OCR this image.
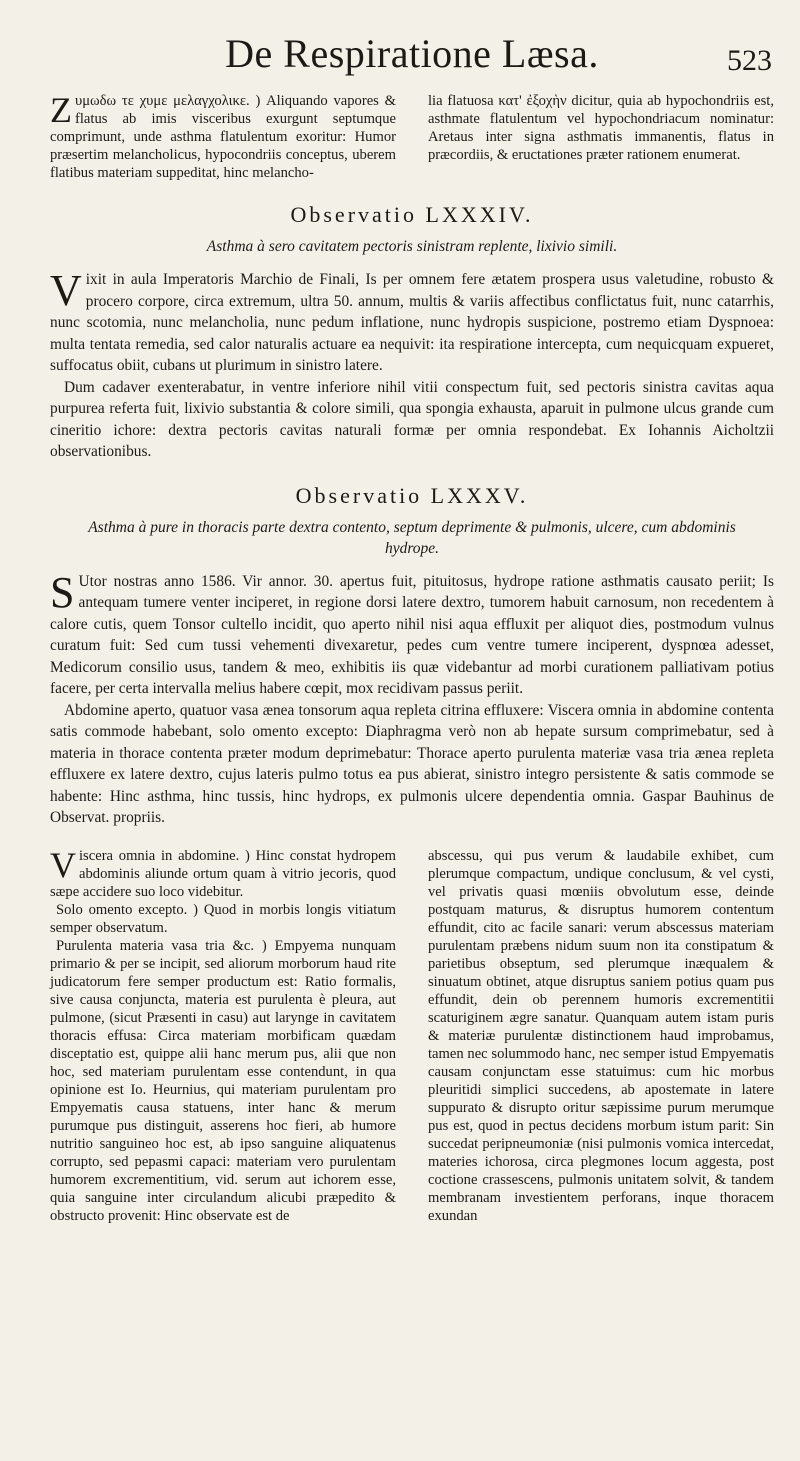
De Respiratione Læsa.	523

Zυμωδω τε χυμε μελαγχολικε. ) Aliquando vapores & flatus ab imis visceribus exurgunt septumque comprimunt, unde asthma flatulentum exoritur: Humor præsertim melancholicus, hypocondriis conceptus, uberem flatibus materiam suppeditat, hinc melancho-

lia flatuosa κατ' ἐξοχὴν dicitur, quia ab hypochondriis est, asthmate flatulentum vel hypochondriacum nominatur: Aretaus inter signa asthmatis immanentis, flatus in præcordiis, & eructationes præter rationem enumerat.

Observatio LXXXIV.
Asthma à sero cavitatem pectoris sinistram replente, lixivio simili.

Vixit in aula Imperatoris Marchio de Finali, Is per omnem fere ætatem prospera usus valetudine, robusto & procero corpore, circa extremum, ultra 50. annum, multis & variis affectibus conflictatus fuit, nunc catarrhis, nunc scotomia, nunc melancholia, nunc pedum inflatione, nunc hydropis suspicione, postremo etiam Dyspnoea: multa tentata remedia, sed calor naturalis actuare ea nequivit: ita respiratione intercepta, cum nequicquam expueret, suffocatus obiit, cubans ut plurimum in sinistro latere.

Dum cadaver exenterabatur, in ventre inferiore nihil vitii conspectum fuit, sed pectoris sinistra cavitas aqua purpurea referta fuit, lixivio substantia & colore simili, qua spongia exhausta, aparuit in pulmone ulcus grande cum cineritio ichore: dextra pectoris cavitas naturali formæ per omnia respondebat. Ex Iohannis Aicholtzii observationibus.

Observatio LXXXV.
Asthma à pure in thoracis parte dextra contento, septum deprimente & pulmonis, ulcere, cum abdominis hydrope.

S Utor nostras anno 1586. Vir annor. 30. apertus fuit, pituitosus, hydrope ratione asthmatis causato periit; Is antequam tumere venter inciperet, in regione dorsi latere dextro, tumorem habuit carnosum, non recedentem à calore cutis, quem Tonsor cultello incidit, quo aperto nihil nisi aqua effluxit per aliquot dies, postmodum vulnus curatum fuit: Sed cum tussi vehementi divexaretur, pedes cum ventre tumere inciperent, dyspnœa adesset, Medicorum consilio usus, tandem & meo, exhibitis iis quæ videbantur ad morbi curationem palliativam potius facere, per certa intervalla melius habere cœpit, mox recidivam passus periit.

Abdomine aperto, quatuor vasa ænea tonsorum aqua repleta citrina effluxere: Viscera omnia in abdomine contenta satis commode habebant, solo omento excepto: Diaphragma verò non ab hepate sursum comprimebatur, sed à materia in thorace contenta præter modum deprimebatur: Thorace aperto purulenta materiæ vasa tria ænea repleta effluxere ex latere dextro, cujus lateris pulmo totus ea pus abierat, sinistro integro persistente & satis commode se habente: Hinc asthma, hinc tussis, hinc hydrops, ex pulmonis ulcere dependentia omnia. Gaspar Bauhinus de Observat. propriis.

Viscera omnia in abdomine. ) Hinc constat hydropem abdominis aliunde ortum quam à vitrio jecoris, quod sæpe accidere suo loco videbitur.

Solo omento excepto. ) Quod in morbis longis vitiatum semper observatum.

Purulenta materia vasa tria &c. ) Empyema nunquam primario & per se incipit, sed aliorum morborum haud rite judicatorum fere semper productum est: Ratio formalis, sive causa conjuncta, materia est purulenta è pleura, aut pulmone, (sicut Præsenti in casu) aut larynge in cavitatem thoracis effusa: Circa materiam morbificam quædam disceptatio est, quippe alii hanc merum pus, alii que non hoc, sed materiam purulentam esse contendunt, in qua opinione est Io. Heurnius, qui materiam purulentam pro Empyematis causa statuens, inter hanc & merum purumque pus distinguit, asserens hoc fieri, ab humore nutritio sanguineo hoc est, ab ipso sanguine aliquatenus corrupto, sed pepasmi capaci: materiam vero purulentam humorem excrementitium, vid. serum aut ichorem esse, quia sanguine inter circulandum alicubi præpedito & obstructo provenit: Hinc observate est de

abscessu, qui pus verum & laudabile exhibet, cum plerumque compactum, undique conclusum, & vel cysti, vel privatis quasi mœniis obvolutum esse, deinde postquam maturus, & disruptus humorem contentum effundit, cito ac facile sanari: verum abscessus materiam purulentam præbens nidum suum non ita constipatum & parietibus obseptum, sed plerumque inæqualem & sinuatum obtinet, atque disruptus saniem potius quam pus effundit, dein ob perennem humoris excrementitii scaturiginem ægre sanatur. Quanquam autem istam puris & materiæ purulentæ distinctionem haud improbamus, tamen nec solummodo hanc, nec semper istud Empyematis causam conjunctam esse statuimus: cum hic morbus pleuritidi simplici succedens, ab apostemate in latere suppurato & disrupto oritur sæpissime purum merumque pus est, quod in pectus decidens morbum istum parit: Sin succedat peripneumoniæ (nisi pulmonis vomica intercedat, materies ichorosa, circa plegmones locum aggesta, post coctione crassescens, pulmonis unitatem solvit, & tandem membranam investientem perforans, inque thoracem exundan
